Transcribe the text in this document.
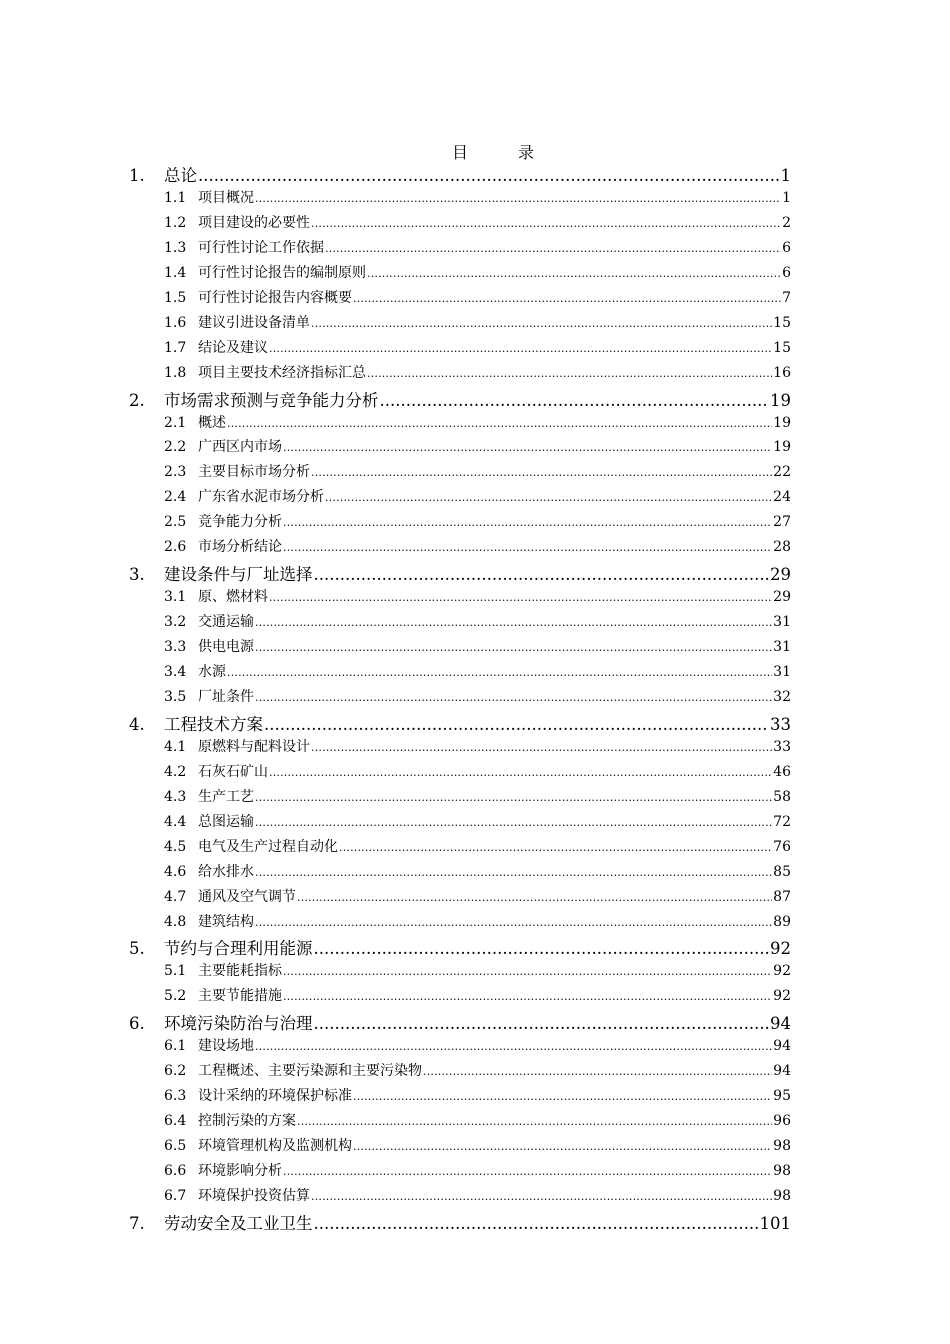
目	录
1.	总论 .....	1
1.1 项目概况 .....	1
1.2 项目建设的必要性 .....	2
1.3 可行性讨论工作依据 .....	6
1.4 可行性讨论报告的编制原则 .....	6
1.5 可行性讨论报告内容概要 .....	7
1.6 建议引进设备清单 .....	15
1.7 结论及建议 .....	15
1.8 项目主要技术经济指标汇总 .....	16
2.	市场需求预测与竞争能力分析 .....	19
2.1 概述 .....	19
2.2 广西区内市场 .....	19
2.3 主要目标市场分析 .....	22
2.4 广东省水泥市场分析 .....	24
2.5 竞争能力分析 .....	27
2.6 市场分析结论 .....	28
3.	建设条件与厂址选择 .....	29
3.1 原、燃材料 .....	29
3.2 交通运输 .....	31
3.3 供电电源 .....	31
3.4 水源 .....	31
3.5 厂址条件 .....	32
4.	工程技术方案 .....	33
4.1 原燃料与配料设计 .....	33
4.2 石灰石矿山 .....	46
4.3 生产工艺 .....	58
4.4 总图运输 .....	72
4.5 电气及生产过程自动化 .....	76
4.6 给水排水 .....	85
4.7 通风及空气调节 .....	87
4.8 建筑结构 .....	89
5.	节约与合理利用能源 .....	92
5.1 主要能耗指标 .....	92
5.2 主要节能措施 .....	92
6.	环境污染防治与治理 .....	94
6.1 建设场地 .....	94
6.2 工程概述、主要污染源和主要污染物 .....	94
6.3 设计采纳的环境保护标准 .....	95
6.4 控制污染的方案 .....	96
6.5 环境管理机构及监测机构 .....	98
6.6 环境影响分析 .....	98
6.7 环境保护投资估算 .....	98
7.	劳动安全及工业卫生 .....	101
